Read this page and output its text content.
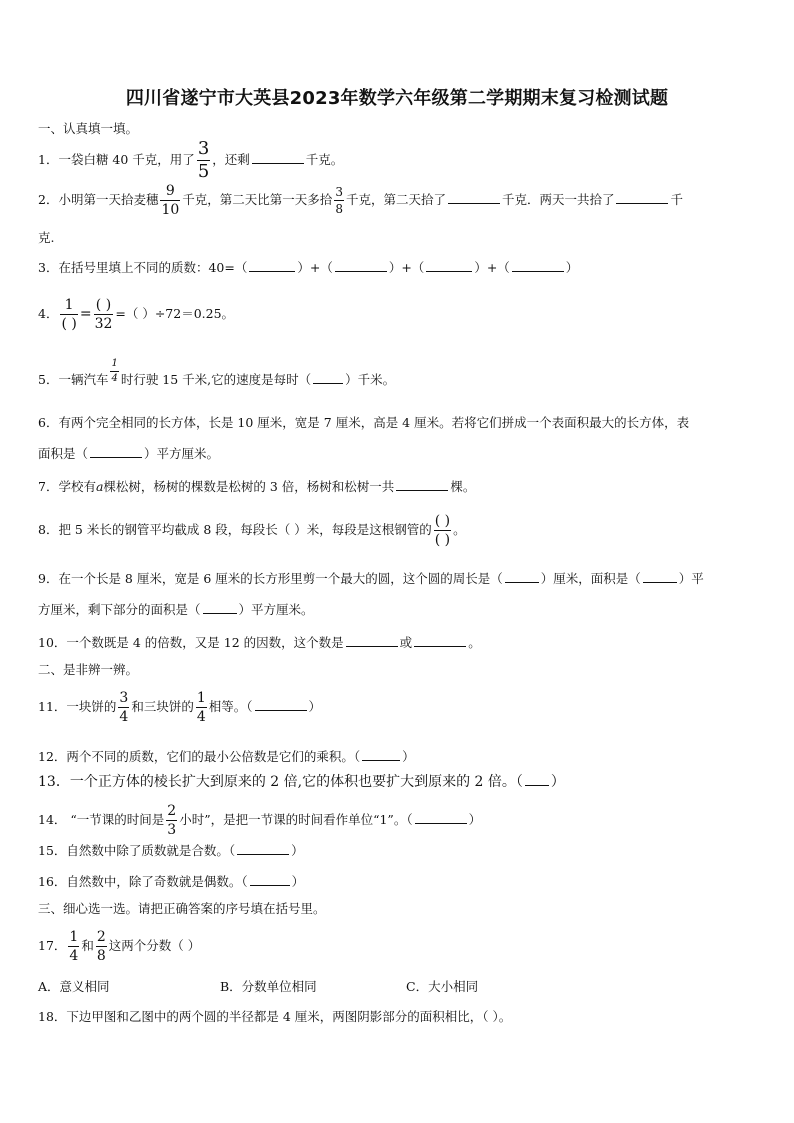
四川省遂宁市大英县2023年数学六年级第二学期期末复习检测试题
一、认真填一填。
1．一袋白糖 40 千克，用了 $\frac{3}{5}$ ，还剩	千克。
2．小明第一天拾麦穗 $\frac{9}{10}$ 千克，第二天比第一天多拾 $\frac{3}{8}$ 千克，第二天拾了	千克．两天一共拾了	千
克.
3．在括号里填上不同的质数：40=（	）+（	）+（	）+（	）
4． $\frac{1}{( )} = \frac{( )}{32}$ =（ ）÷72＝0.25。
5．一辆汽车 $\frac{1}{4}$ 时行驶 15 千米,它的速度是每时（	）千米。
6．有两个完全相同的长方体，长是 10 厘米，宽是 7 厘米，高是 4 厘米。若将它们拼成一个表面积最大的长方体，表
面积是（	）平方厘米。
7．学校有a棵松树，杨树的棵数是松树的 3 倍，杨树和松树一共	棵。
8．把 5 米长的钢管平均截成 8 段，每段长（ ）米，每段是这根钢管的 $\frac{( )}{( )}$ 。
9．在一个长是 8 厘米，宽是 6 厘米的长方形里剪一个最大的圆，这个圆的周长是（	）厘米，面积是（	）平
方厘米，剩下部分的面积是（	）平方厘米。
10．一个数既是 4 的倍数，又是 12 的因数，这个数是	或	。
二、是非辨一辨。
11．一块饼的 $\frac{3}{4}$ 和三块饼的 $\frac{1}{4}$ 相等。（	）
12．两个不同的质数，它们的最小公倍数是它们的乘积。（	）
13．一个正方体的棱长扩大到原来的 2 倍,它的体积也要扩大到原来的 2 倍。（ ）
14． “一节课的时间是 $\frac{2}{3}$ 小时”，是把一节课的时间看作单位“1”。（	）
15．自然数中除了质数就是合数。（	）
16．自然数中，除了奇数就是偶数。（	）
三、细心选一选。请把正确答案的序号填在括号里。
17． $\frac{1}{4}$ 和 $\frac{2}{8}$ 这两个分数（ ）
A．意义相同	B．分数单位相同	C．大小相同
18．下边甲图和乙图中的两个圆的半径都是 4 厘米，两图阴影部分的面积相比，（ ）。
